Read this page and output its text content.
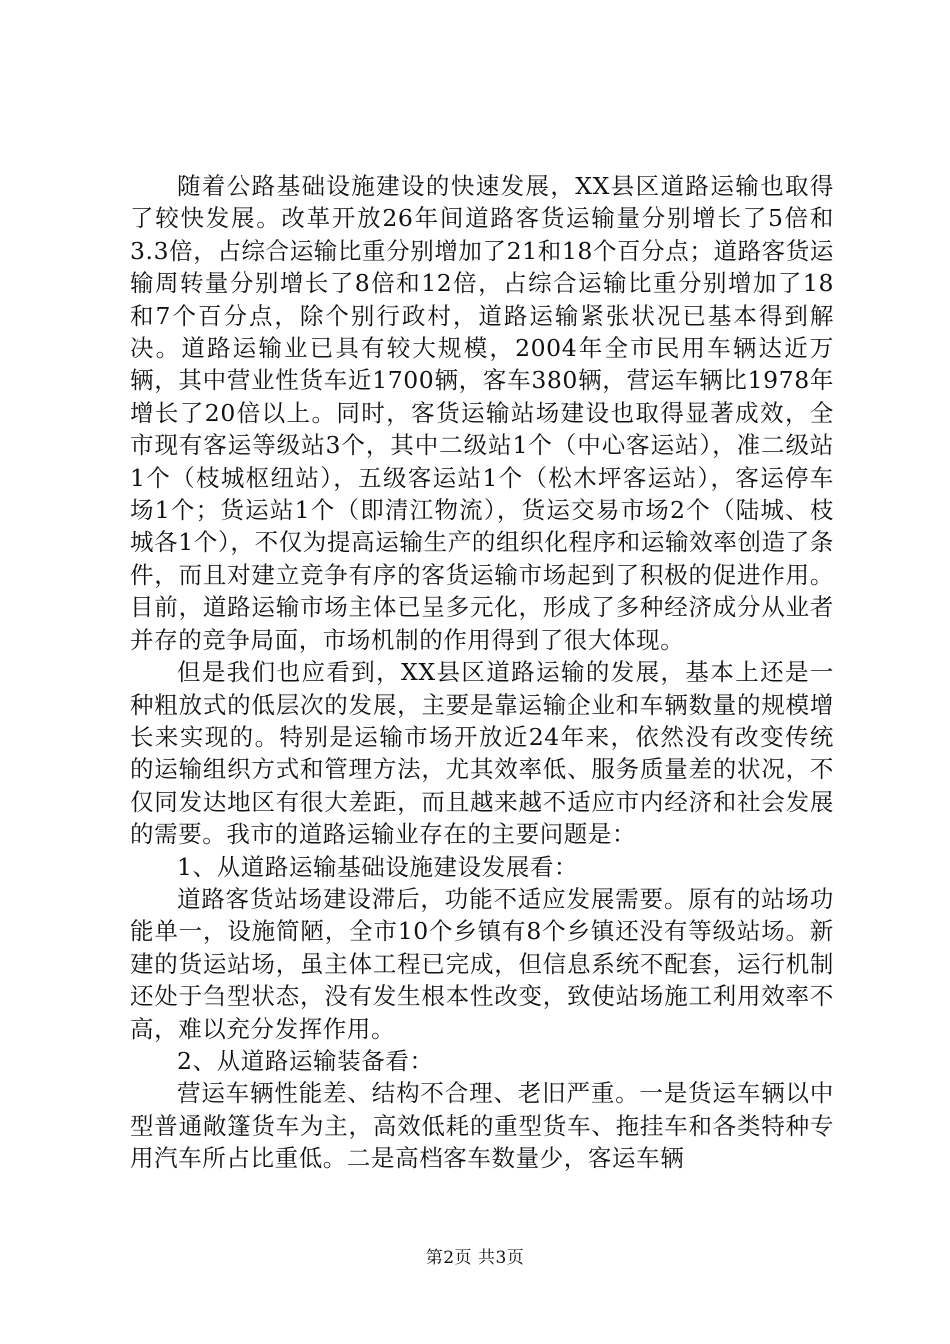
随着公路基础设施建设的快速发展，XX县区道路运输也取得了较快发展。改革开放26年间道路客货运输量分别增长了5倍和3.3倍，占综合运输比重分别增加了21和18个百分点；道路客货运输周转量分别增长了8倍和12倍，占综合运输比重分别增加了18和7个百分点，除个别行政村，道路运输紧张状况已基本得到解决。道路运输业已具有较大规模，2004年全市民用车辆达近万辆，其中营业性货车近1700辆，客车380辆，营运车辆比1978年增长了20倍以上。同时，客货运输站场建设也取得显著成效，全市现有客运等级站3个，其中二级站1个（中心客运站），准二级站1个（枝城枢纽站），五级客运站1个（松木坪客运站），客运停车场1个；货运站1个（即清江物流），货运交易市场2个（陆城、枝城各1个），不仅为提高运输生产的组织化程序和运输效率创造了条件，而且对建立竞争有序的客货运输市场起到了积极的促进作用。目前，道路运输市场主体已呈多元化，形成了多种经济成分从业者并存的竞争局面，市场机制的作用得到了很大体现。

但是我们也应看到，XX县区道路运输的发展，基本上还是一种粗放式的低层次的发展，主要是靠运输企业和车辆数量的规模增长来实现的。特别是运输市场开放近24年来，依然没有改变传统的运输组织方式和管理方法，尤其效率低、服务质量差的状况，不仅同发达地区有很大差距，而且越来越不适应市内经济和社会发展的需要。我市的道路运输业存在的主要问题是：

1、从道路运输基础设施建设发展看：

道路客货站场建设滞后，功能不适应发展需要。原有的站场功能单一，设施简陋，全市10个乡镇有8个乡镇还没有等级站场。新建的货运站场，虽主体工程已完成，但信息系统不配套，运行机制还处于刍型状态，没有发生根本性改变，致使站场施工利用效率不高，难以充分发挥作用。

2、从道路运输装备看：

营运车辆性能差、结构不合理、老旧严重。一是货运车辆以中型普通敞篷货车为主，高效低耗的重型货车、拖挂车和各类特种专用汽车所占比重低。二是高档客车数量少，客运车辆

第2页 共3页
